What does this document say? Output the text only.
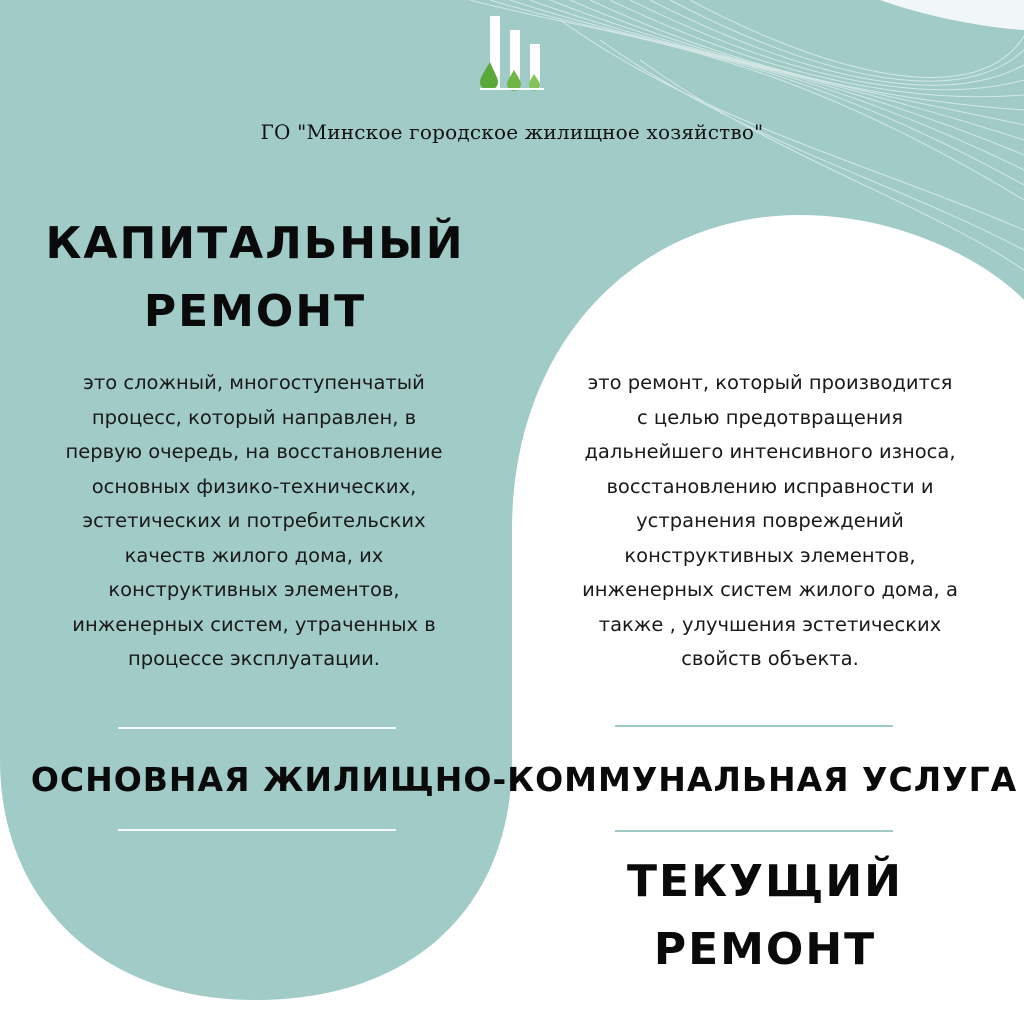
ГО "Минское городское жилищное хозяйство"
КАПИТАЛЬНЫЙ
РЕМОНТ
это сложный, многоступенчатый
процесс, который направлен, в
первую очередь, на восстановление
основных физико-технических,
эстетических и потребительских
качеств жилого дома, их
конструктивных элементов,
инженерных систем, утраченных в
процессе эксплуатации.
это ремонт, который производится
с целью предотвращения
дальнейшего интенсивного износа,
восстановлению исправности и
устранения повреждений
конструктивных элементов,
инженерных систем жилого дома, а
также , улучшения эстетических
свойств объекта.
ОСНОВНАЯ ЖИЛИЩНО-КОММУНАЛЬНАЯ УСЛУГА
ТЕКУЩИЙ
РЕМОНТ
